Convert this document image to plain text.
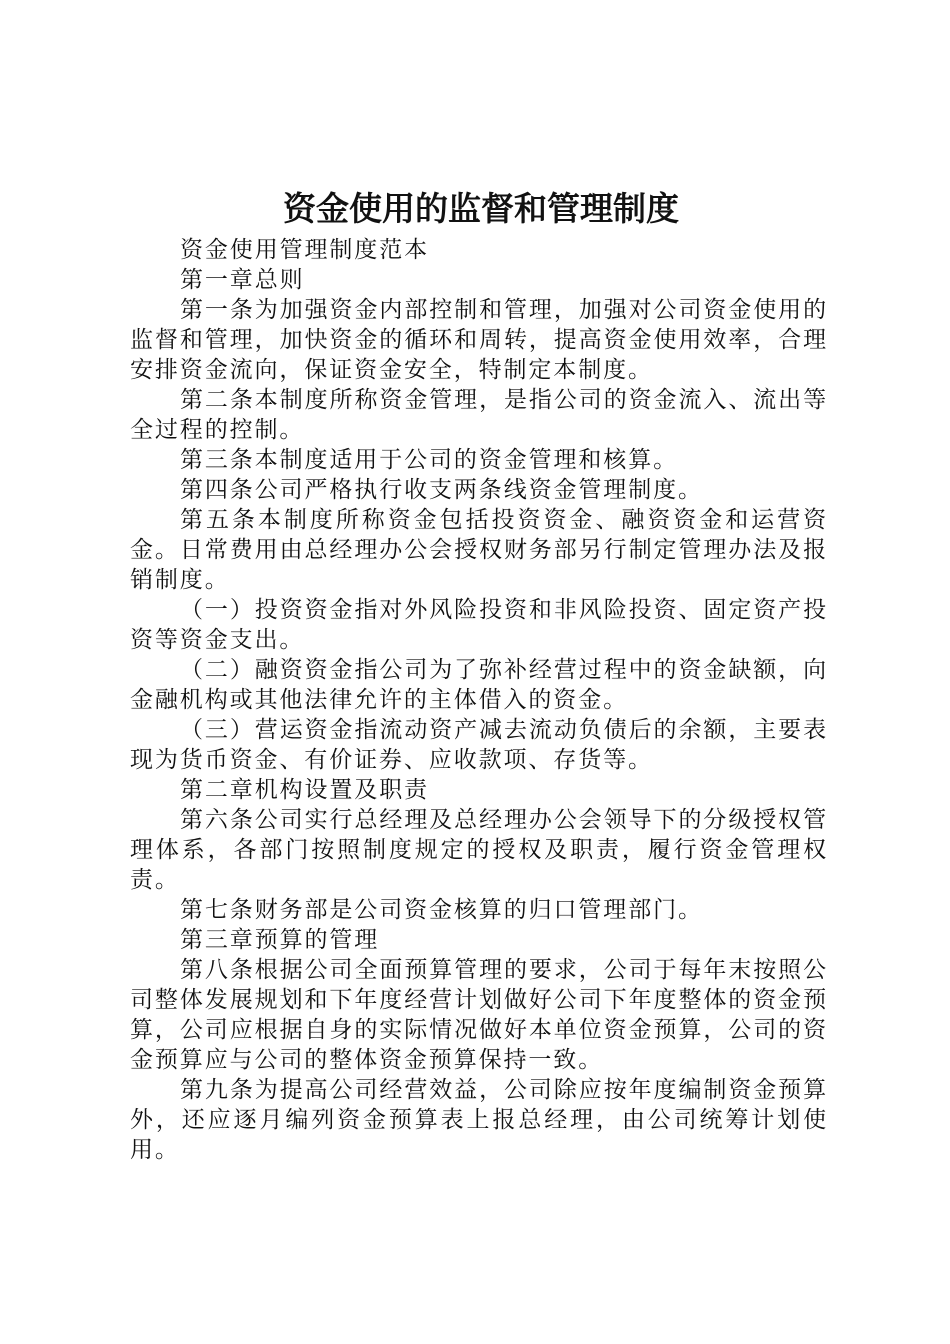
资金使用的监督和管理制度

资金使用管理制度范本

第一章总则

第一条为加强资金内部控制和管理，加强对公司资金使用的监督和管理，加快资金的循环和周转，提高资金使用效率，合理安排资金流向，保证资金安全，特制定本制度。

第二条本制度所称资金管理，是指公司的资金流入、流出等全过程的控制。

第三条本制度适用于公司的资金管理和核算。

第四条公司严格执行收支两条线资金管理制度。

第五条本制度所称资金包括投资资金、融资资金和运营资金。日常费用由总经理办公会授权财务部另行制定管理办法及报销制度。

（一）投资资金指对外风险投资和非风险投资、固定资产投资等资金支出。

（二）融资资金指公司为了弥补经营过程中的资金缺额，向金融机构或其他法律允许的主体借入的资金。

（三）营运资金指流动资产减去流动负债后的余额，主要表现为货币资金、有价证券、应收款项、存货等。

第二章机构设置及职责

第六条公司实行总经理及总经理办公会领导下的分级授权管理体系，各部门按照制度规定的授权及职责，履行资金管理权责。

第七条财务部是公司资金核算的归口管理部门。

第三章预算的管理

第八条根据公司全面预算管理的要求，公司于每年末按照公司整体发展规划和下年度经营计划做好公司下年度整体的资金预算，公司应根据自身的实际情况做好本单位资金预算，公司的资金预算应与公司的整体资金预算保持一致。

第九条为提高公司经营效益，公司除应按年度编制资金预算外，还应逐月编列资金预算表上报总经理，由公司统筹计划使用。
